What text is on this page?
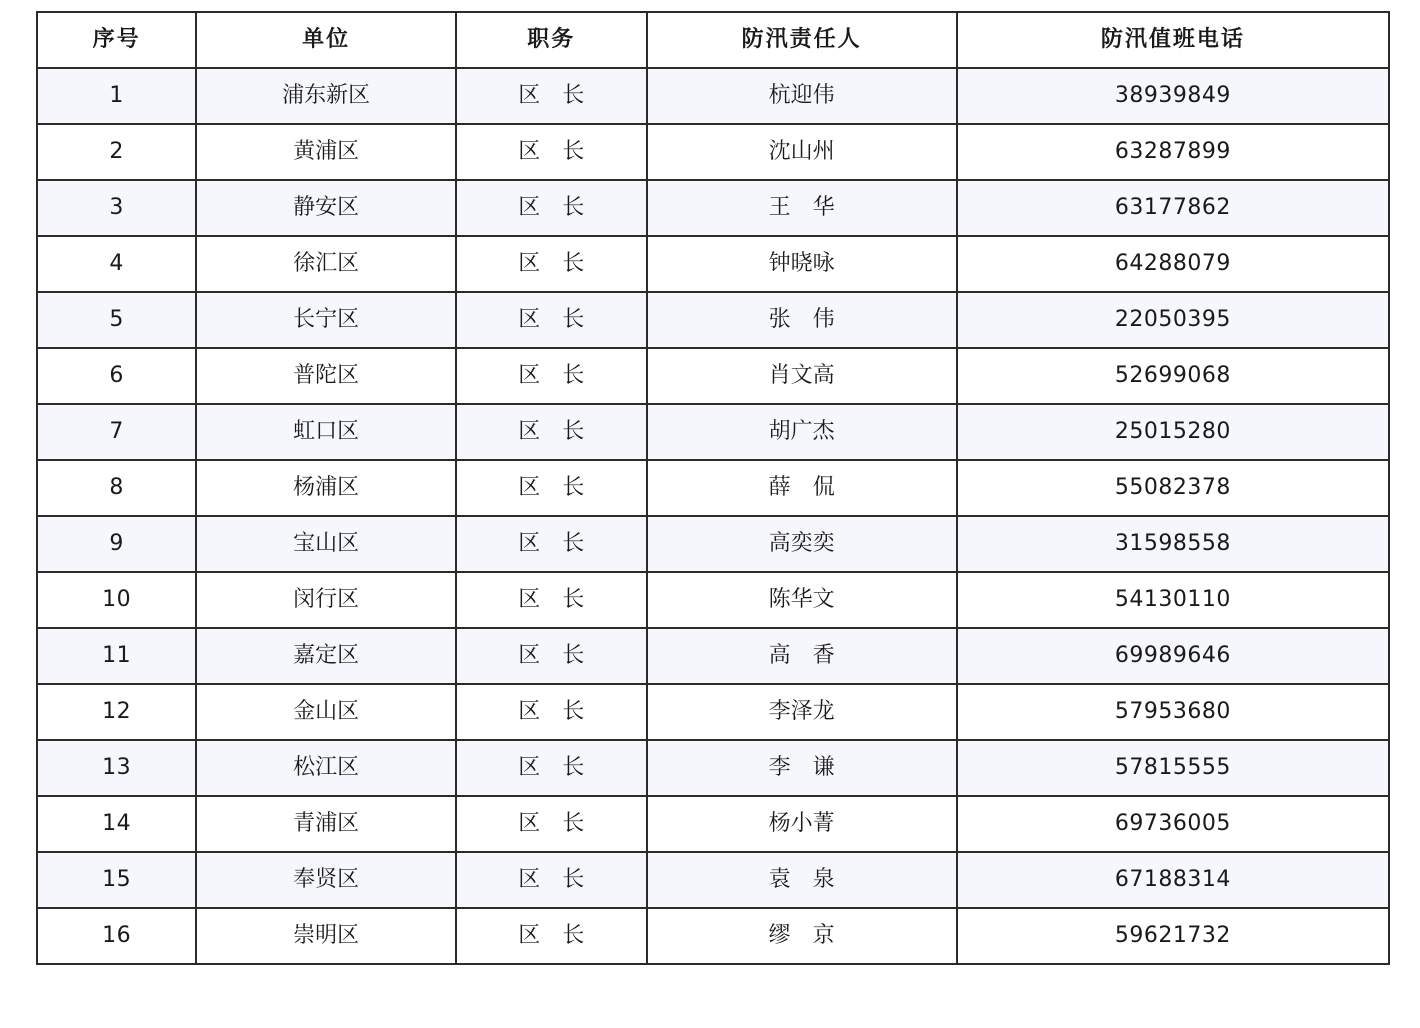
序号	单位	职务	防汛责任人	防汛值班电话
1	浦东新区	区　长	杭迎伟	38939849
2	黄浦区	区　长	沈山州	63287899
3	静安区	区　长	王　华	63177862
4	徐汇区	区　长	钟晓咏	64288079
5	长宁区	区　长	张　伟	22050395
6	普陀区	区　长	肖文高	52699068
7	虹口区	区　长	胡广杰	25015280
8	杨浦区	区　长	薛　侃	55082378
9	宝山区	区　长	高奕奕	31598558
10	闵行区	区　长	陈华文	54130110
11	嘉定区	区　长	高　香	69989646
12	金山区	区　长	李泽龙	57953680
13	松江区	区　长	李　谦	57815555
14	青浦区	区　长	杨小菁	69736005
15	奉贤区	区　长	袁　泉	67188314
16	崇明区	区　长	缪　京	59621732
